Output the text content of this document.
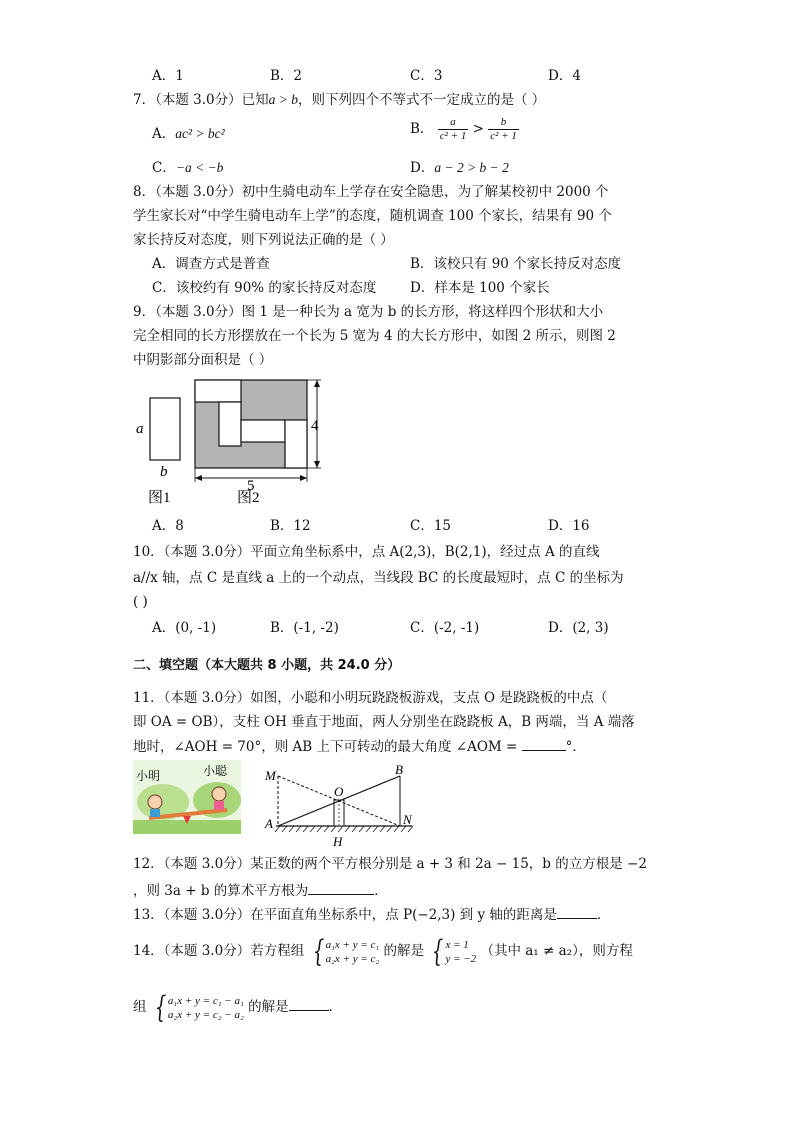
A．1	B．2	C．3	D．4
7．（本题 3.0分）已知a > b，则下列四个不等式不一定成立的是（ ）
A．ac² > bc²	B． $\frac{a}{\text{c² + 1}} > \frac{b}{\text{c² + 1}}$
C．−a < −b	D．a − 2 > b − 2
8．（本题 3.0分）初中生骑电动车上学存在安全隐患，为了解某校初中 2000 个
学生家长对“中学生骑电动车上学”的态度，随机调查 100 个家长，结果有 90 个
家长持反对态度，则下列说法正确的是（ ）
A．调查方式是普查	B．该校只有 90 个家长持反对态度
C．该校约有 90% 的家长持反对态度 D．样本是 100 个家长
9．（本题 3.0分）图 1 是一种长为 a 宽为 b 的长方形，将这样四个形状和大小
完全相同的长方形摆放在一个长为 5 宽为 4 的大长方形中，如图 2 所示，则图 2
中阴影部分面积是（ ）
a
b
图1
4
5
图2
A．8	B．12	C．15	D．16
10．（本题 3.0分）平面立角坐标系中，点 A(2,3)，B(2,1)，经过点 A 的直线
a//x 轴，点 C 是直线 a 上的一个动点，当线段 BC 的长度最短时，点 C 的坐标为
( )
A．(0, -1)	B．(-1, -2)	C．(-2, -1)	D．(2, 3)
二、填空题（本大题共 8 小题，共 24.0 分）
11．（本题 3.0分）如图，小聪和小明玩跷跷板游戏，支点 O 是跷跷板的中点（
即 OA = OB），支柱 OH 垂直于地面，两人分别坐在跷跷板 A，B 两端，当 A 端落
地时，∠AOH = 70°，则 AB 上下可转动的最大角度 ∠AOM =	°．
小明	小聪	M
O
B
A	N
H
12．（本题 3.0分）某正数的两个平方根分别是 a + 3 和 2a − 15，b 的立方根是 −2
，则 3a + b 的算术平方根为	．
13．（本题 3.0分）在平面直角坐标系中，点 P(−2,3) 到 y 轴的距离是	．
14．（本题 3.0分）若方程组 { a₁x + y = c₁
a₂x + y = c₂ 的解是 { x = 1
y = −2 （其中 a₁ ≠ a₂），则方程
组 { a₁x + y = c₁ − a₁
a₂x + y = c₂ − a₂ 的解是	．
